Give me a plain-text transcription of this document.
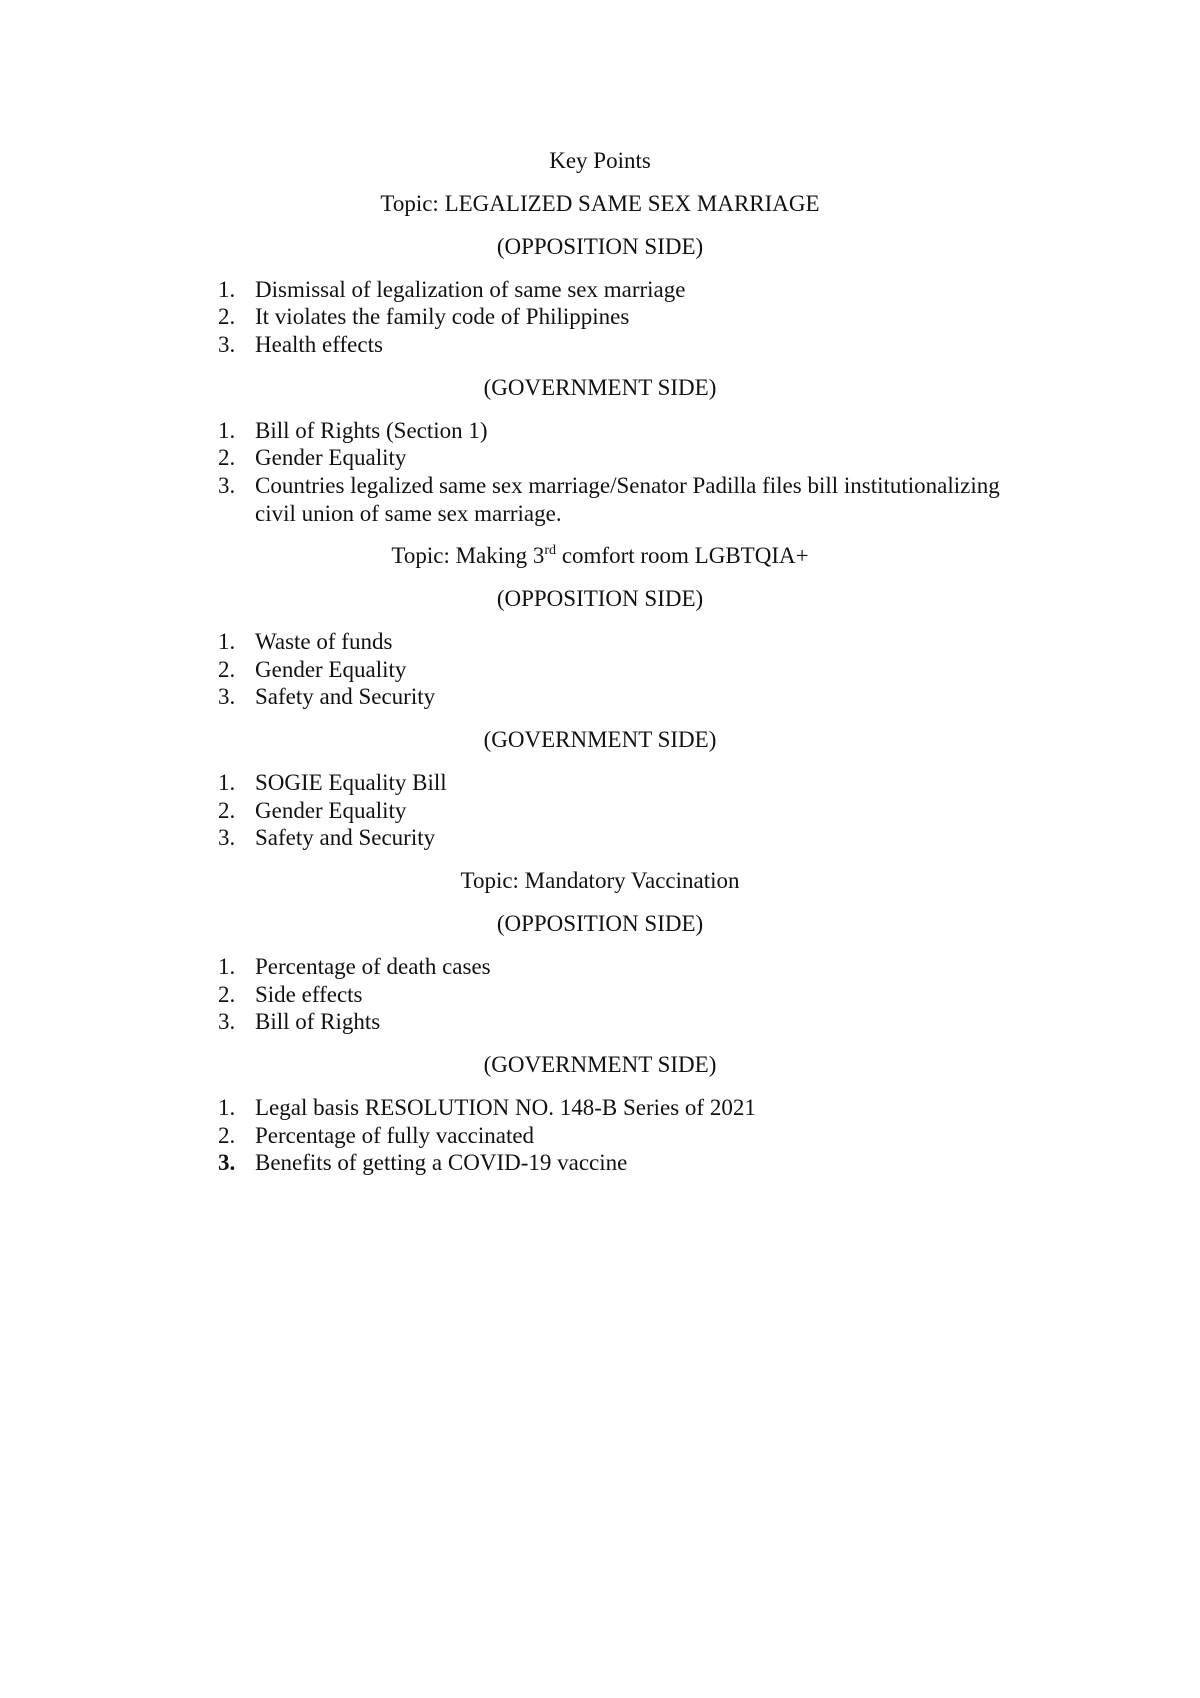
Key Points
Topic: LEGALIZED SAME SEX MARRIAGE
(OPPOSITION SIDE)
1. Dismissal of legalization of same sex marriage
2. It violates the family code of Philippines
3. Health effects
(GOVERNMENT SIDE)
1. Bill of Rights (Section 1)
2. Gender Equality
3. Countries legalized same sex marriage/Senator Padilla files bill institutionalizing
civil union of same sex marriage.
Topic: Making 3rd comfort room LGBTQIA+
(OPPOSITION SIDE)
1. Waste of funds
2. Gender Equality
3. Safety and Security
(GOVERNMENT SIDE)
1. SOGIE Equality Bill
2. Gender Equality
3. Safety and Security
Topic: Mandatory Vaccination
(OPPOSITION SIDE)
1. Percentage of death cases
2. Side effects
3. Bill of Rights
(GOVERNMENT SIDE)
1. Legal basis RESOLUTION NO. 148-B Series of 2021
2. Percentage of fully vaccinated
3. Benefits of getting a COVID-19 vaccine
